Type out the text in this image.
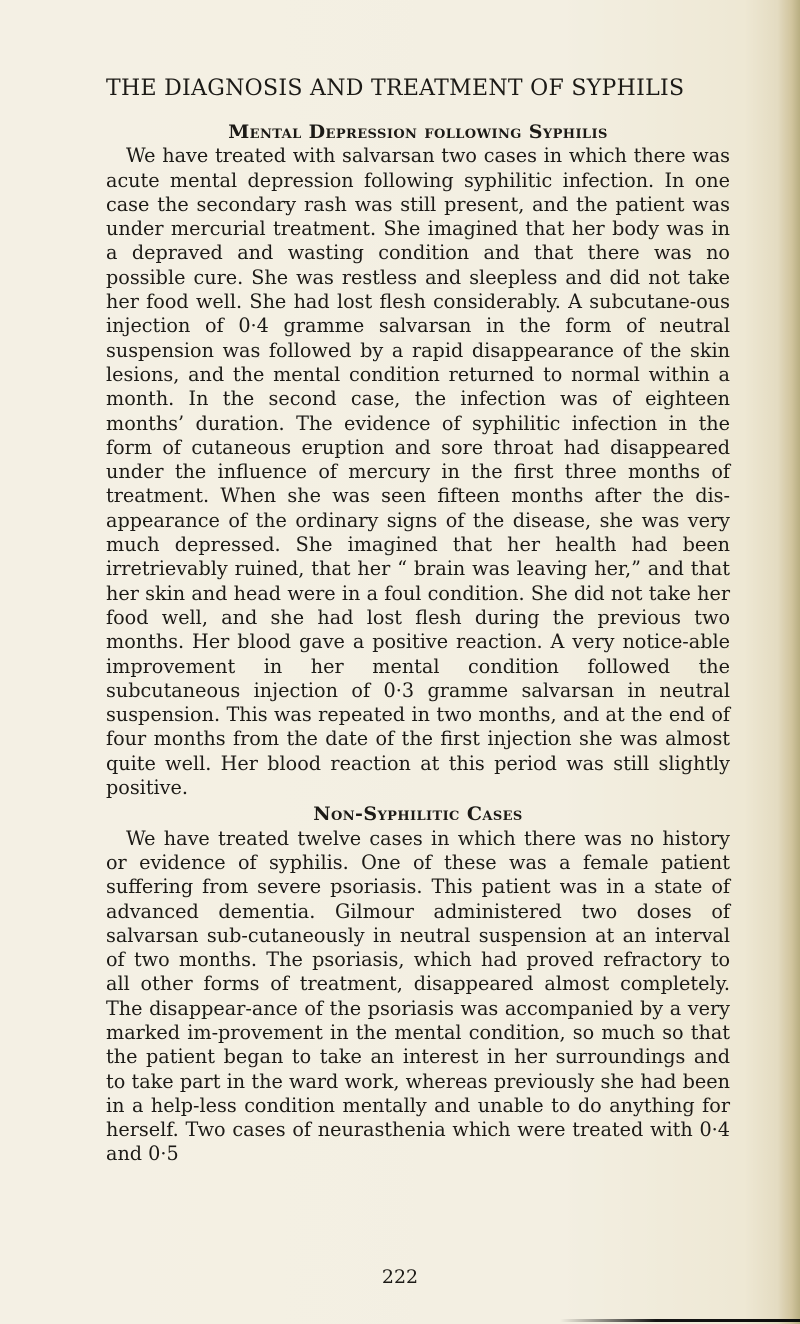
THE DIAGNOSIS AND TREATMENT OF SYPHILIS
Mental Depression following Syphilis

We have treated with salvarsan two cases in which there was acute mental depression following syphilitic infection. In one case the secondary rash was still present, and the patient was under mercurial treatment. She imagined that her body was in a depraved and wasting condition and that there was no possible cure. She was restless and sleepless and did not take her food well. She had lost flesh considerably. A subcutane-ous injection of 0·4 gramme salvarsan in the form of neutral suspension was followed by a rapid disappearance of the skin lesions, and the mental condition returned to normal within a month. In the second case, the infection was of eighteen months’ duration. The evidence of syphilitic infection in the form of cutaneous eruption and sore throat had disappeared under the influence of mercury in the first three months of treatment. When she was seen fifteen months after the dis-appearance of the ordinary signs of the disease, she was very much depressed. She imagined that her health had been irretrievably ruined, that her “ brain was leaving her,” and that her skin and head were in a foul condition. She did not take her food well, and she had lost flesh during the previous two months. Her blood gave a positive reaction. A very notice-able improvement in her mental condition followed the subcutaneous injection of 0·3 gramme salvarsan in neutral suspension. This was repeated in two months, and at the end of four months from the date of the first injection she was almost quite well. Her blood reaction at this period was still slightly positive.

Non-Syphilitic Cases

We have treated twelve cases in which there was no history or evidence of syphilis. One of these was a female patient suffering from severe psoriasis. This patient was in a state of advanced dementia. Gilmour administered two doses of salvarsan sub-cutaneously in neutral suspension at an interval of two months. The psoriasis, which had proved refractory to all other forms of treatment, disappeared almost completely. The disappear-ance of the psoriasis was accompanied by a very marked im-provement in the mental condition, so much so that the patient began to take an interest in her surroundings and to take part in the ward work, whereas previously she had been in a help-less condition mentally and unable to do anything for herself. Two cases of neurasthenia which were treated with 0·4 and 0·5

222
